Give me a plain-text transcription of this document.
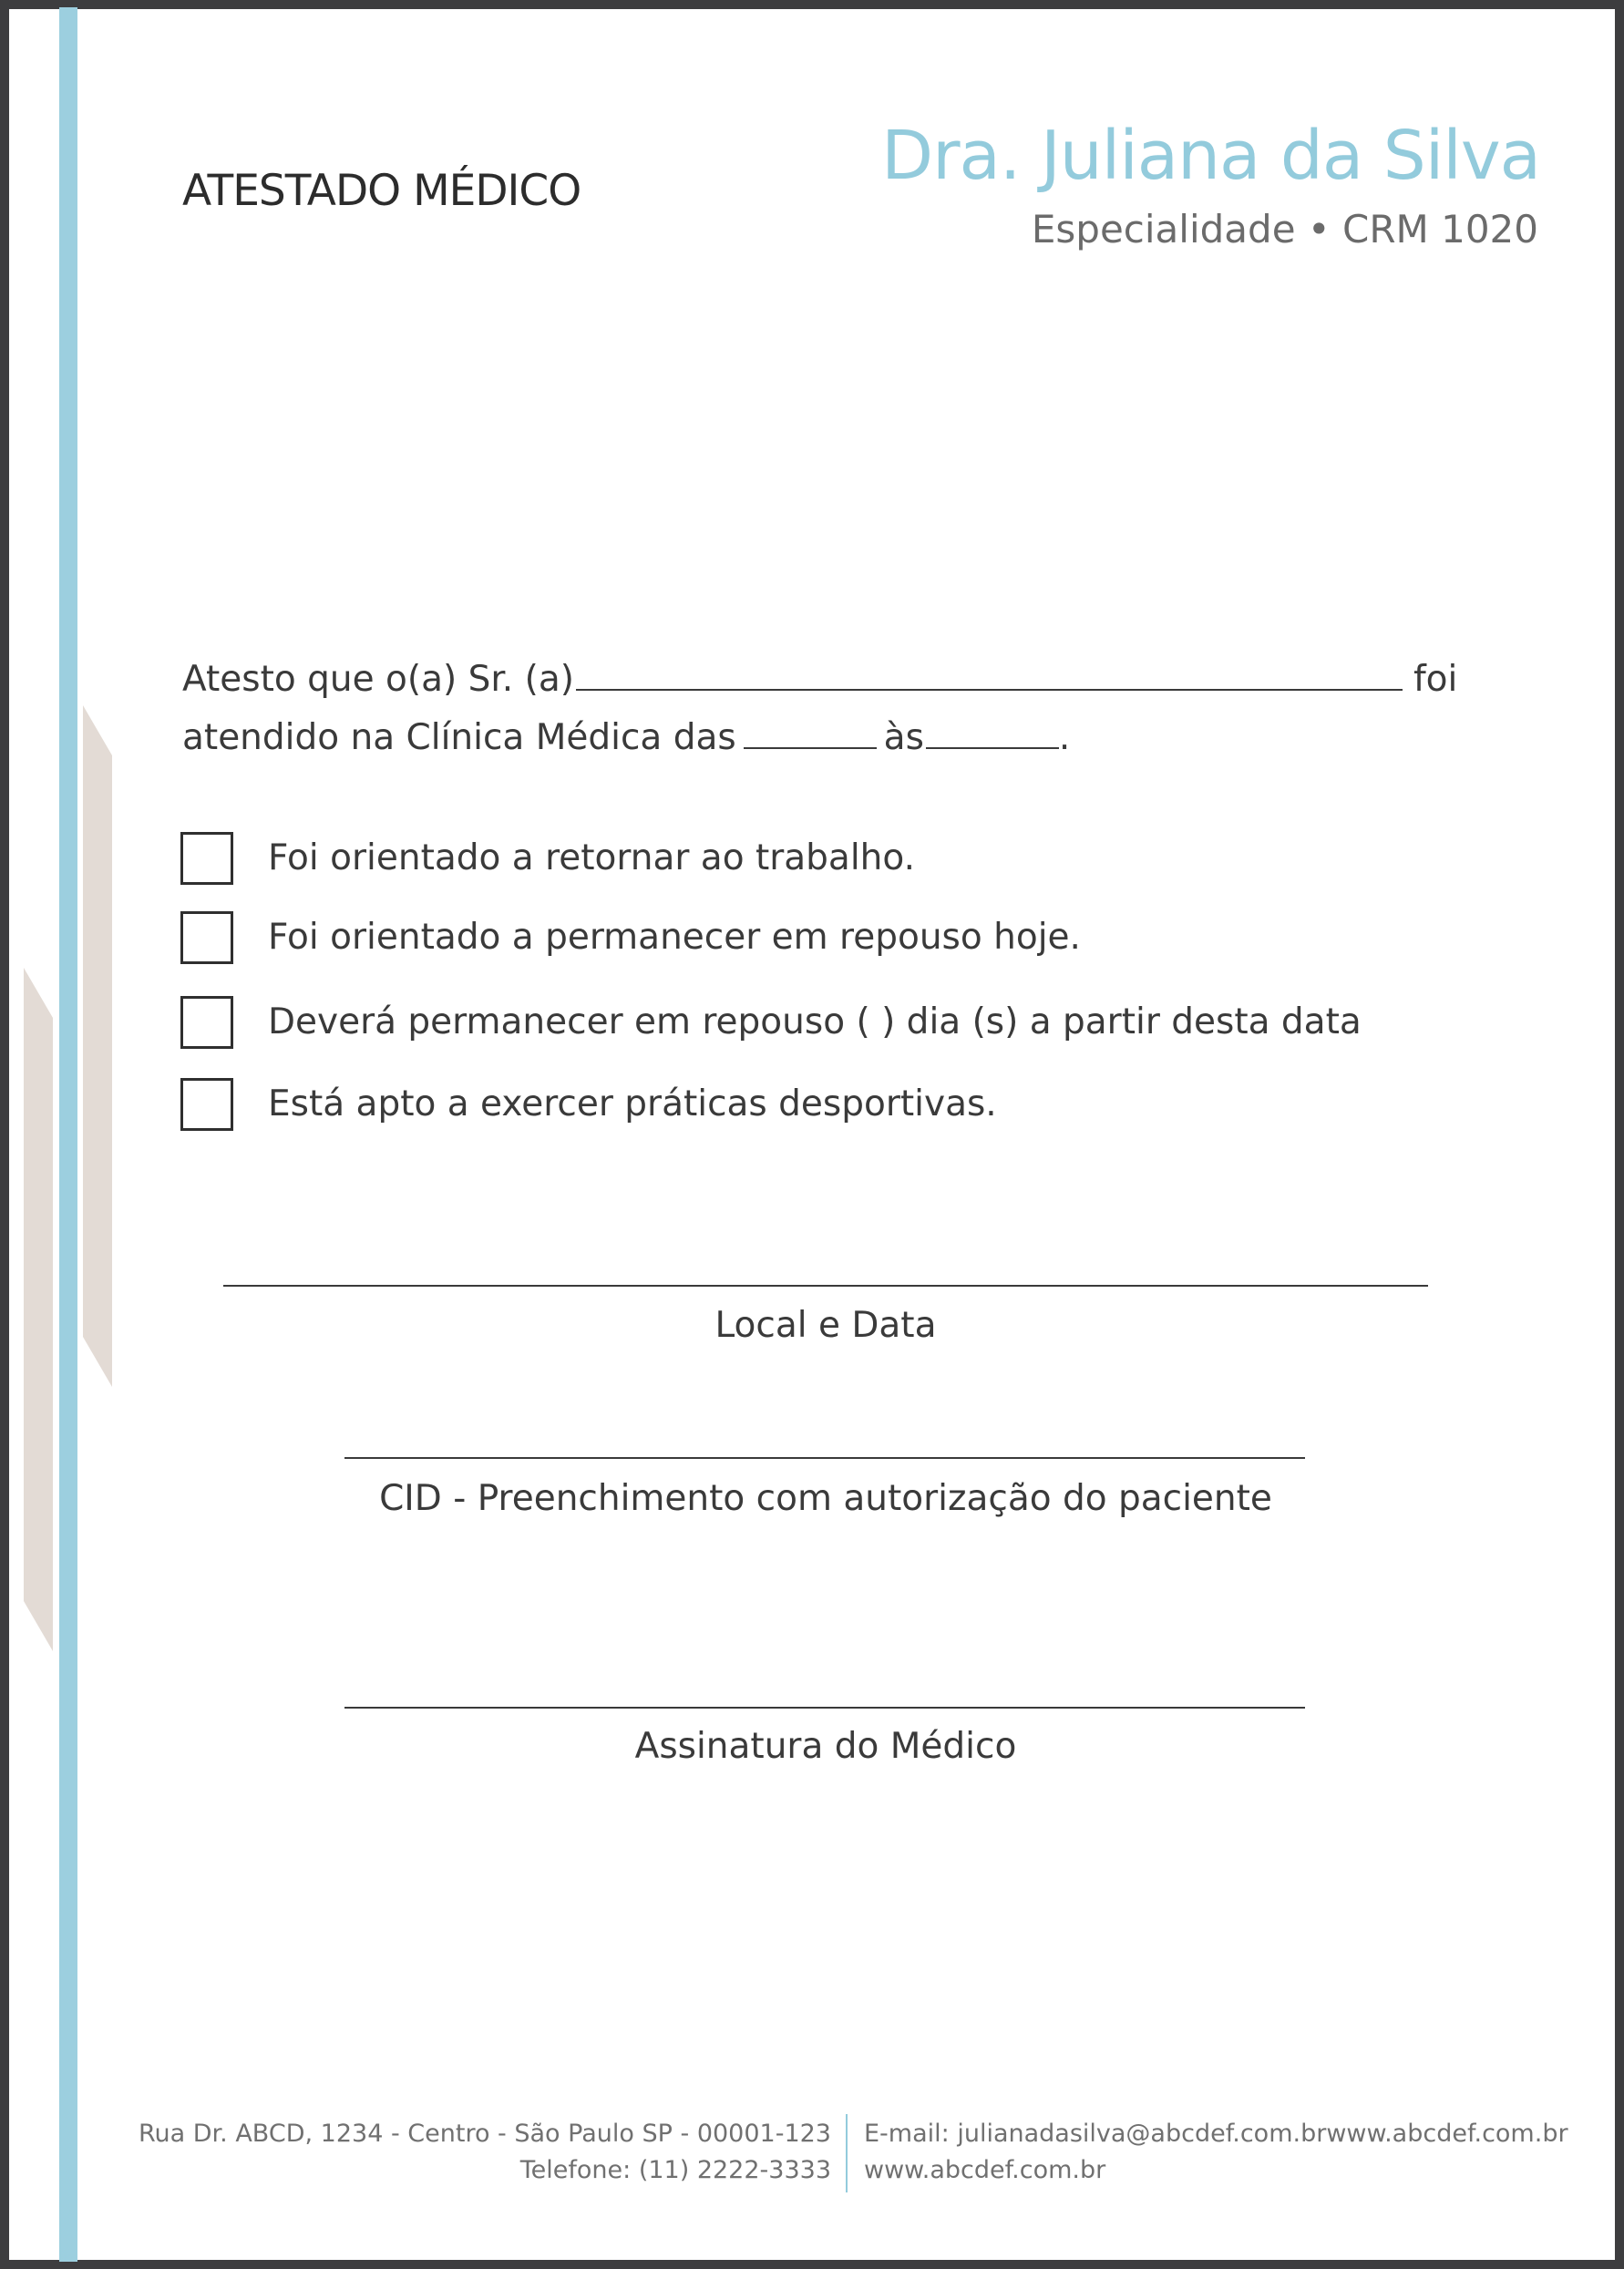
ATESTADO MÉDICO	Dra. Juliana da Silva
Especialidade • CRM 1020
Atesto que o(a) Sr. (a)	foi
atendido na Clínica Médica das	às	.
Foi orientado a retornar ao trabalho.
Foi orientado a permanecer em repouso hoje.
Deverá permanecer em repouso ( ) dia (s) a partir desta data
Está apto a exercer práticas desportivas.
Local e Data
CID - Preenchimento com autorização do paciente
Assinatura do Médico
Rua Dr. ABCD, 1234 - Centro - São Paulo SP - 00001-123
Telefone: (11) 2222-3333
E-mail: julianadasilva@abcdef.com.brwww.abcdef.com.br
www.abcdef.com.br
